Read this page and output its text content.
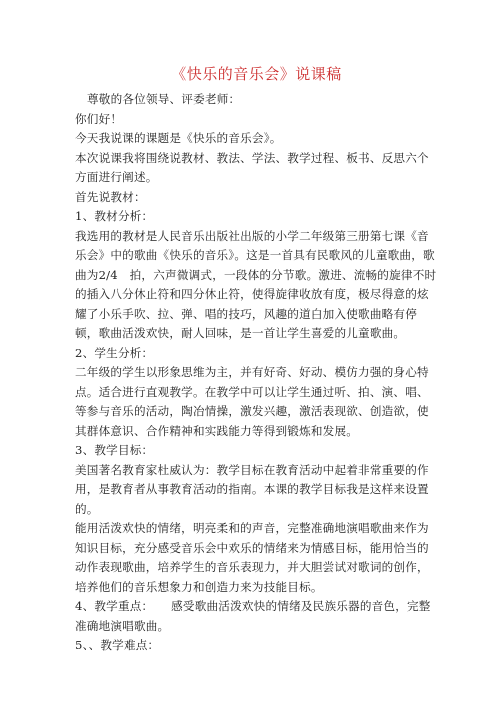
《快乐的音乐会》说课稿

尊敬的各位领导、评委老师：

你们好！

今天我说课的课题是《快乐的音乐会》。

本次说课我将围绕说教材、教法、学法、教学过程、板书、反思六个方面进行阐述。

首先说教材：

1、教材分析：

我选用的教材是人民音乐出版社出版的小学二年级第三册第七课《音乐会》中的歌曲《快乐的音乐》。这是一首具有民歌风的儿童歌曲，歌曲为2/4　拍，六声微调式，一段体的分节歌。激进、流畅的旋律不时的插入八分休止符和四分休止符，使得旋律收放有度，极尽得意的炫耀了小乐手吹、拉、弹、唱的技巧，风趣的道白加入使歌曲略有停顿，歌曲活泼欢快，耐人回味，是一首让学生喜爱的儿童歌曲。

2、学生分析：

二年级的学生以形象思维为主，并有好奇、好动、模仿力强的身心特点。适合进行直观教学。在教学中可以让学生通过听、拍、演、唱、等参与音乐的活动，陶冶情操，激发兴趣，激活表现欲、创造欲，使其群体意识、合作精神和实践能力等得到锻炼和发展。

3、教学目标：

美国著名教育家杜威认为：教学目标在教育活动中起着非常重要的作用，是教育者从事教育活动的指南。本课的教学目标我是这样来设置的。

能用活泼欢快的情绪，明亮柔和的声音，完整准确地演唱歌曲来作为知识目标，充分感受音乐会中欢乐的情绪来为情感目标，能用恰当的动作表现歌曲，培养学生的音乐表现力，并大胆尝试对歌词的创作，培养他们的音乐想象力和创造力来为技能目标。

4、教学重点：　　感受歌曲活泼欢快的情绪及民族乐器的音色，完整准确地演唱歌曲。

5、、教学难点：
